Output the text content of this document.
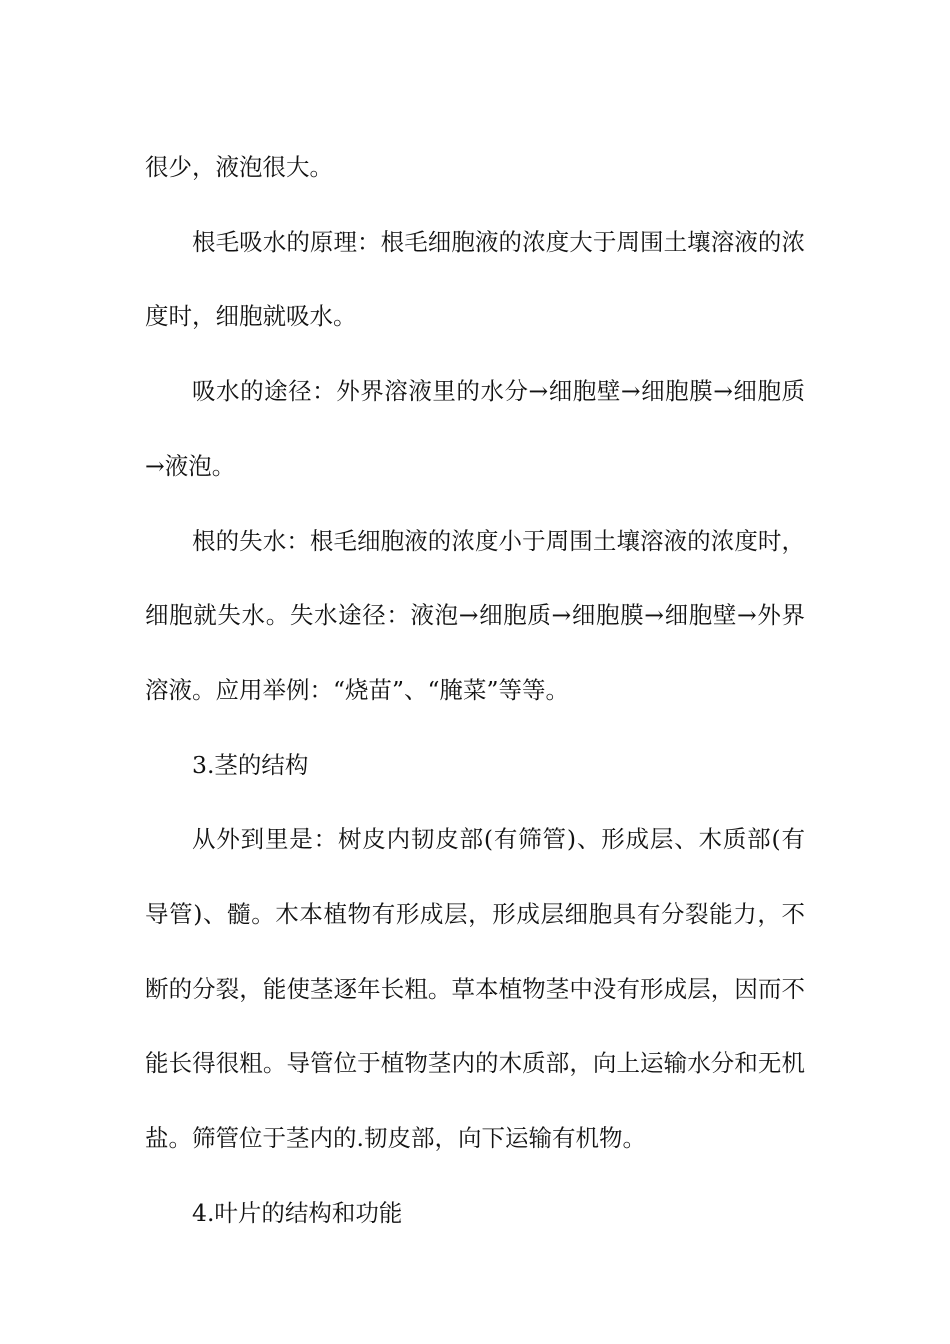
很少，液泡很大。

根毛吸水的原理：根毛细胞液的浓度大于周围土壤溶液的浓度时，细胞就吸水。

吸水的途径：外界溶液里的水分→细胞壁→细胞膜→细胞质→液泡。

根的失水：根毛细胞液的浓度小于周围土壤溶液的浓度时，细胞就失水。失水途径：液泡→细胞质→细胞膜→细胞壁→外界溶液。应用举例：“烧苗”、“腌菜”等等。

3.茎的结构

从外到里是：树皮内韧皮部(有筛管)、形成层、木质部(有导管)、髓。木本植物有形成层，形成层细胞具有分裂能力，不断的分裂，能使茎逐年长粗。草本植物茎中没有形成层，因而不能长得很粗。导管位于植物茎内的木质部，向上运输水分和无机盐。筛管位于茎内的.韧皮部，向下运输有机物。

4.叶片的结构和功能
